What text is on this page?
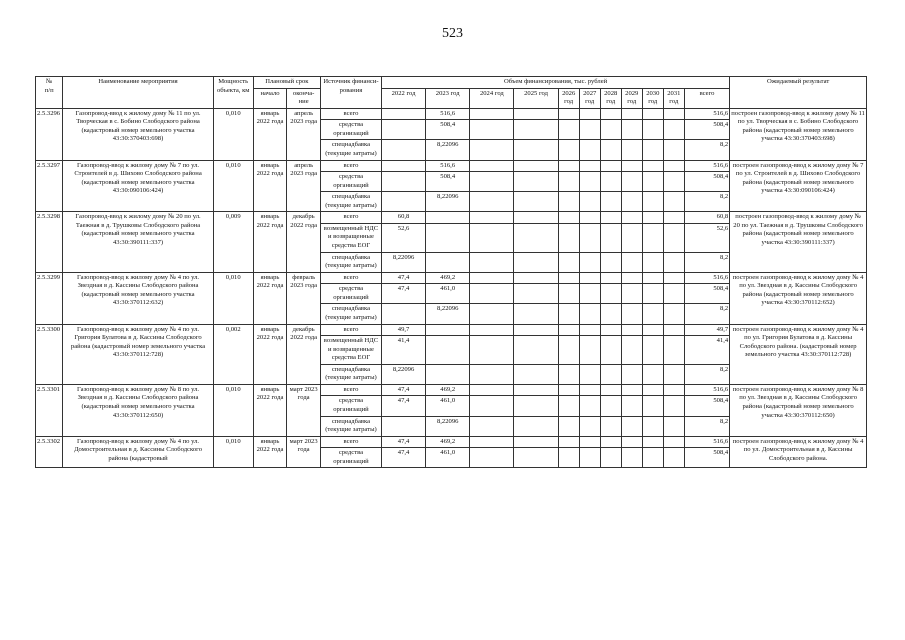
523
№
п/п	Наименование мероприятия	Мощность объекта, км	Плановый срок		Источник финанси-рования	Объем финансирования, тыс. рублей											Ожидаемый результат
			начало	оконча-ние		2022 год	2023 год	2024 год	2025 год	2026 год	2027 год	2028 год	2029 год	2030 год	2031 год	всего	
2.5.3296	Газопровод-ввод к жилому дому № 11 по ул. Творческая в с. Бобино Слободского района (кадастровый номер земельного участка 43:30:370403:698)	0,010	январь 2022 года	апрель 2023 года	всего		516,6									516,6	построен газопровод-ввод к жилому дому № 11 по ул. Творческая в с. Бобино Слободского района (кадастровый номер земельного участка 43:30:370403:698)
					средства организаций		508,4									508,4	
					спецнадбавка (текущие затраты)		8,22096									8,2	
2.5.3297	Газопровод-ввод к жилому дому № 7 по ул. Строителей в д. Шихово Слободского района (кадастровый номер земельного участка 43:30:090106:424)	0,010	январь 2022 года	апрель 2023 года	всего		516,6									516,6	построен газопровод-ввод к жилому дому № 7 по ул. Строителей в д. Шихово Слободского района (кадастровый номер земельного участка 43:30:090106:424)
					средства организаций		508,4									508,4	
					спецнадбавка (текущие затраты)		8,22096									8,2	
2.5.3298	Газопровод-ввод к жилому дому № 20 по ул. Таежная в д. Трушковы Слободского района (кадастровый номер земельного участка 43:30:390111:337)	0,009	январь 2022 года	декабрь 2022 года	всего	60,8										60,8	построен газопровод-ввод к жилому дому № 20 по ул. Таежная в д. Трушковы Слободского района (кадастровый номер земельного участка 43:30:390111:337)
					возмещенный НДС и возвращенные средства ЕОГ	52,6										52,6	
					спецнадбавка (текущие затраты)	8,22096										8,2	
2.5.3299	Газопровод-ввод к жилому дому № 4 по ул. Звездная в д. Кассины Слободского района (кадастровый номер земельного участка 43:30:370112:632)	0,010	январь 2022 года	февраль 2023 года	всего	47,4	469,2									516,6	построен газопровод-ввод к жилому дому № 4 по ул. Звездная в д. Кассины Слободского района (кадастровый номер земельного участка 43:30:370112:652)
					средства организаций	47,4	461,0									508,4	
					спецнадбавка (текущие затраты)		8,22096									8,2	
2.5.3300	Газопровод-ввод к жилому дому № 4 по ул. Григория Булатова в д. Кассины Слободского района (кадастровый номер земельного участка 43:30:370112:728)	0,002	январь 2022 года	декабрь 2022 года	всего	49,7										49,7	построен газопровод-ввод к жилому дому № 4 по ул. Григория Булатова в д. Кассины Слободского района. (кадастровый номер земельного участка 43:30:370112:728)
					возмещенный НДС и возвращенные средства ЕОГ	41,4										41,4	
					спецнадбавка (текущие затраты)	8,22096										8,2	
2.5.3301	Газопровод-ввод к жилому дому № 8 по ул. Звездная в д. Кассины Слободского района (кадастровый номер земельного участка 43:30:370112:650)	0,010	январь 2022 года	март 2023 года	всего	47,4	469,2									516,6	построен газопровод-ввод к жилому дому № 8 по ул. Звездная в д. Кассины Слободского района (кадастровый номер земельного участка 43:30:370112:650)
					средства организаций	47,4	461,0									508,4	
					спецнадбавка (текущие затраты)		8,22096									8,2	
2.5.3302	Газопровод-ввод к жилому дому № 4 по ул. Домостроительная в д. Кассины Слободского района (кадастровый	0,010	январь 2022 года	март 2023 года	всего	47,4	469,2									516,6	построен газопровод-ввод к жилому дому № 4 по ул. Домостроительная в д. Кассины Слободского района.
					средства организаций	47,4	461,0									508,4	
